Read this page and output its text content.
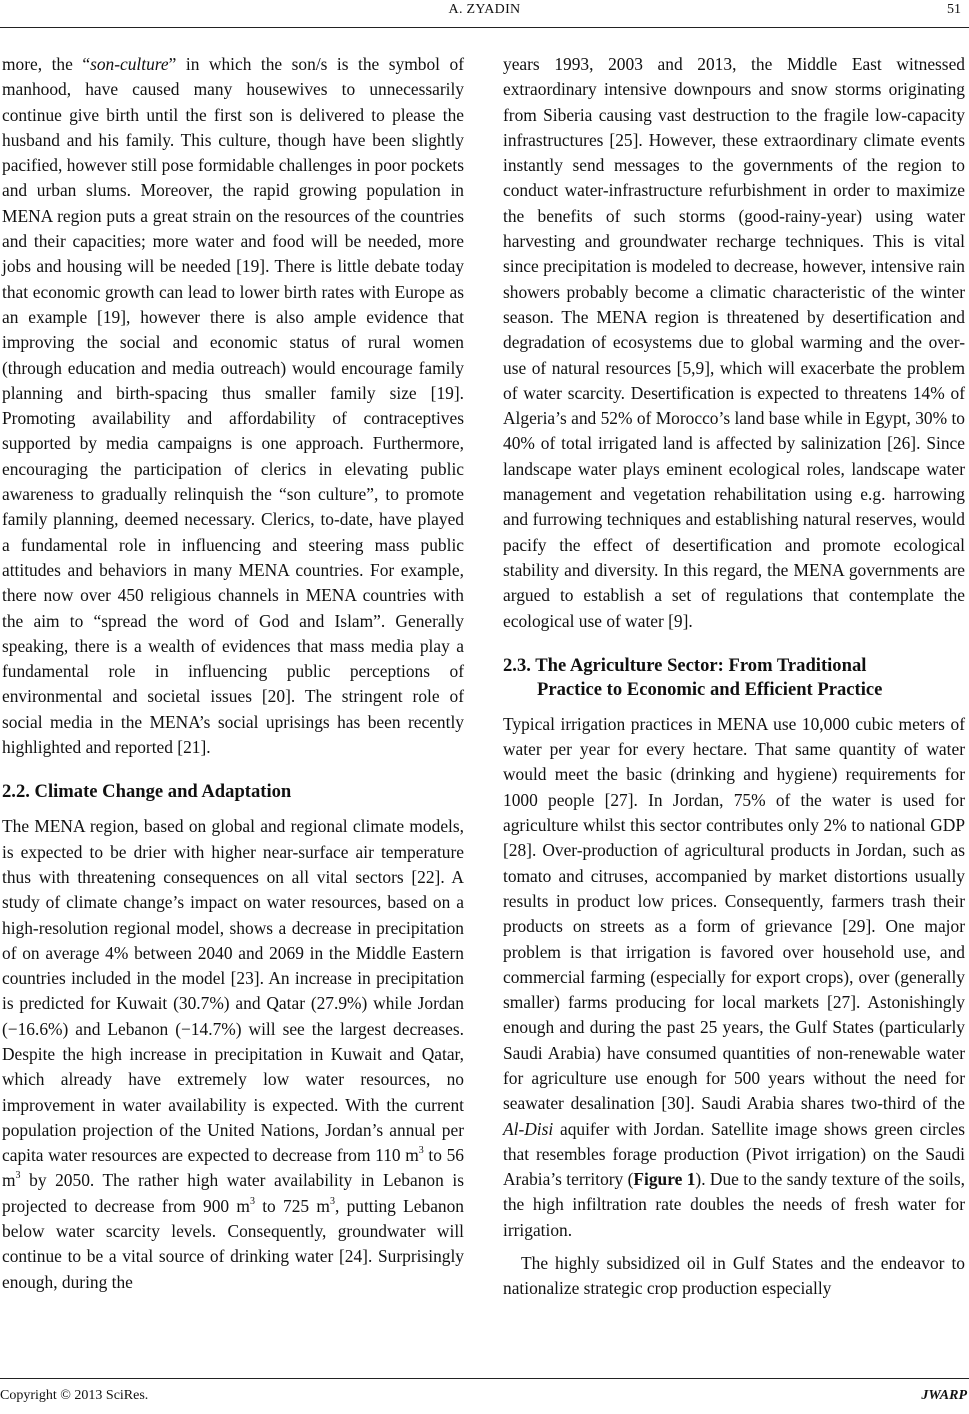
A. ZYADIN	51

more, the “son-culture” in which the son/s is the symbol of manhood, have caused many housewives to unnecessarily continue give birth until the first son is delivered to please the husband and his family. This culture, though have been slightly pacified, however still pose formidable challenges in poor pockets and urban slums. Moreover, the rapid growing population in MENA region puts a great strain on the resources of the countries and their capacities; more water and food will be needed, more jobs and housing will be needed [19]. There is little debate today that economic growth can lead to lower birth rates with Europe as an example [19], however there is also ample evidence that improving the social and economic status of rural women (through education and media outreach) would encourage family planning and birth-spacing thus smaller family size [19]. Promoting availability and affordability of contraceptives supported by media campaigns is one approach. Furthermore, encouraging the participation of clerics in elevating public awareness to gradually relinquish the “son culture”, to promote family planning, deemed necessary. Clerics, to-date, have played a fundamental role in influencing and steering mass public attitudes and behaviors in many MENA countries. For example, there now over 450 religious channels in MENA countries with the aim to “spread the word of God and Islam”. Generally speaking, there is a wealth of evidences that mass media play a fundamental role in influencing public perceptions of environmental and societal issues [20]. The stringent role of social media in the MENA’s social uprisings has been recently highlighted and reported [21].

2.2. Climate Change and Adaptation

The MENA region, based on global and regional climate models, is expected to be drier with higher near-surface air temperature thus with threatening consequences on all vital sectors [22]. A study of climate change’s impact on water resources, based on a high-resolution regional model, shows a decrease in precipitation of on average 4% between 2040 and 2069 in the Middle Eastern countries included in the model [23]. An increase in precipitation is predicted for Kuwait (30.7%) and Qatar (27.9%) while Jordan (−16.6%) and Lebanon (−14.7%) will see the largest decreases. Despite the high increase in precipitation in Kuwait and Qatar, which already have extremely low water resources, no improvement in water availability is expected. With the current population projection of the United Nations, Jordan’s annual per capita water resources are expected to decrease from 110 $m^3$ to 56 $m^3$ by 2050. The rather high water availability in Lebanon is projected to decrease from 900 $m^3$ to 725 $m^3$, putting Lebanon below water scarcity levels. Consequently, groundwater will continue to be a vital source of drinking water [24]. Surprisingly enough, during the

years 1993, 2003 and 2013, the Middle East witnessed extraordinary intensive downpours and snow storms originating from Siberia causing vast destruction to the fragile low-capacity infrastructures [25]. However, these extraordinary climate events instantly send messages to the governments of the region to conduct water-infrastructure refurbishment in order to maximize the benefits of such storms (good-rainy-year) using water harvesting and groundwater recharge techniques. This is vital since precipitation is modeled to decrease, however, intensive rain showers probably become a climatic characteristic of the winter season. The MENA region is threatened by desertification and degradation of ecosystems due to global warming and the over-use of natural resources [5,9], which will exacerbate the problem of water scarcity. Desertification is expected to threatens 14% of Algeria’s and 52% of Morocco’s land base while in Egypt, 30% to 40% of total irrigated land is affected by salinization [26]. Since landscape water plays eminent ecological roles, landscape water management and vegetation rehabilitation using e.g. harrowing and furrowing techniques and establishing natural reserves, would pacify the effect of desertification and promote ecological stability and diversity. In this regard, the MENA governments are argued to establish a set of regulations that contemplate the ecological use of water [9].

2.3. The Agriculture Sector: From Traditional
Practice to Economic and Efficient Practice

Typical irrigation practices in MENA use 10,000 cubic meters of water per year for every hectare. That same quantity of water would meet the basic (drinking and hygiene) requirements for 1000 people [27]. In Jordan, 75% of the water is used for agriculture whilst this sector contributes only 2% to national GDP [28]. Over-production of agricultural products in Jordan, such as tomato and citruses, accompanied by market distortions usually results in product low prices. Consequently, farmers trash their products on streets as a form of grievance [29]. One major problem is that irrigation is favored over household use, and commercial farming (especially for export crops), over (generally smaller) farms producing for local markets [27]. Astonishingly enough and during the past 25 years, the Gulf States (particularly Saudi Arabia) have consumed quantities of non-renewable water for agriculture use enough for 500 years without the need for seawater desalination [30]. Saudi Arabia shares two-third of the Al-Disi aquifer with Jordan. Satellite image shows green circles that resembles forage production (Pivot irrigation) on the Saudi Arabia’s territory (Figure 1). Due to the sandy texture of the soils, the high infiltration rate doubles the needs of fresh water for irrigation.

The highly subsidized oil in Gulf States and the endeavor to nationalize strategic crop production especially

Copyright © 2013 SciRes.	JWARP
